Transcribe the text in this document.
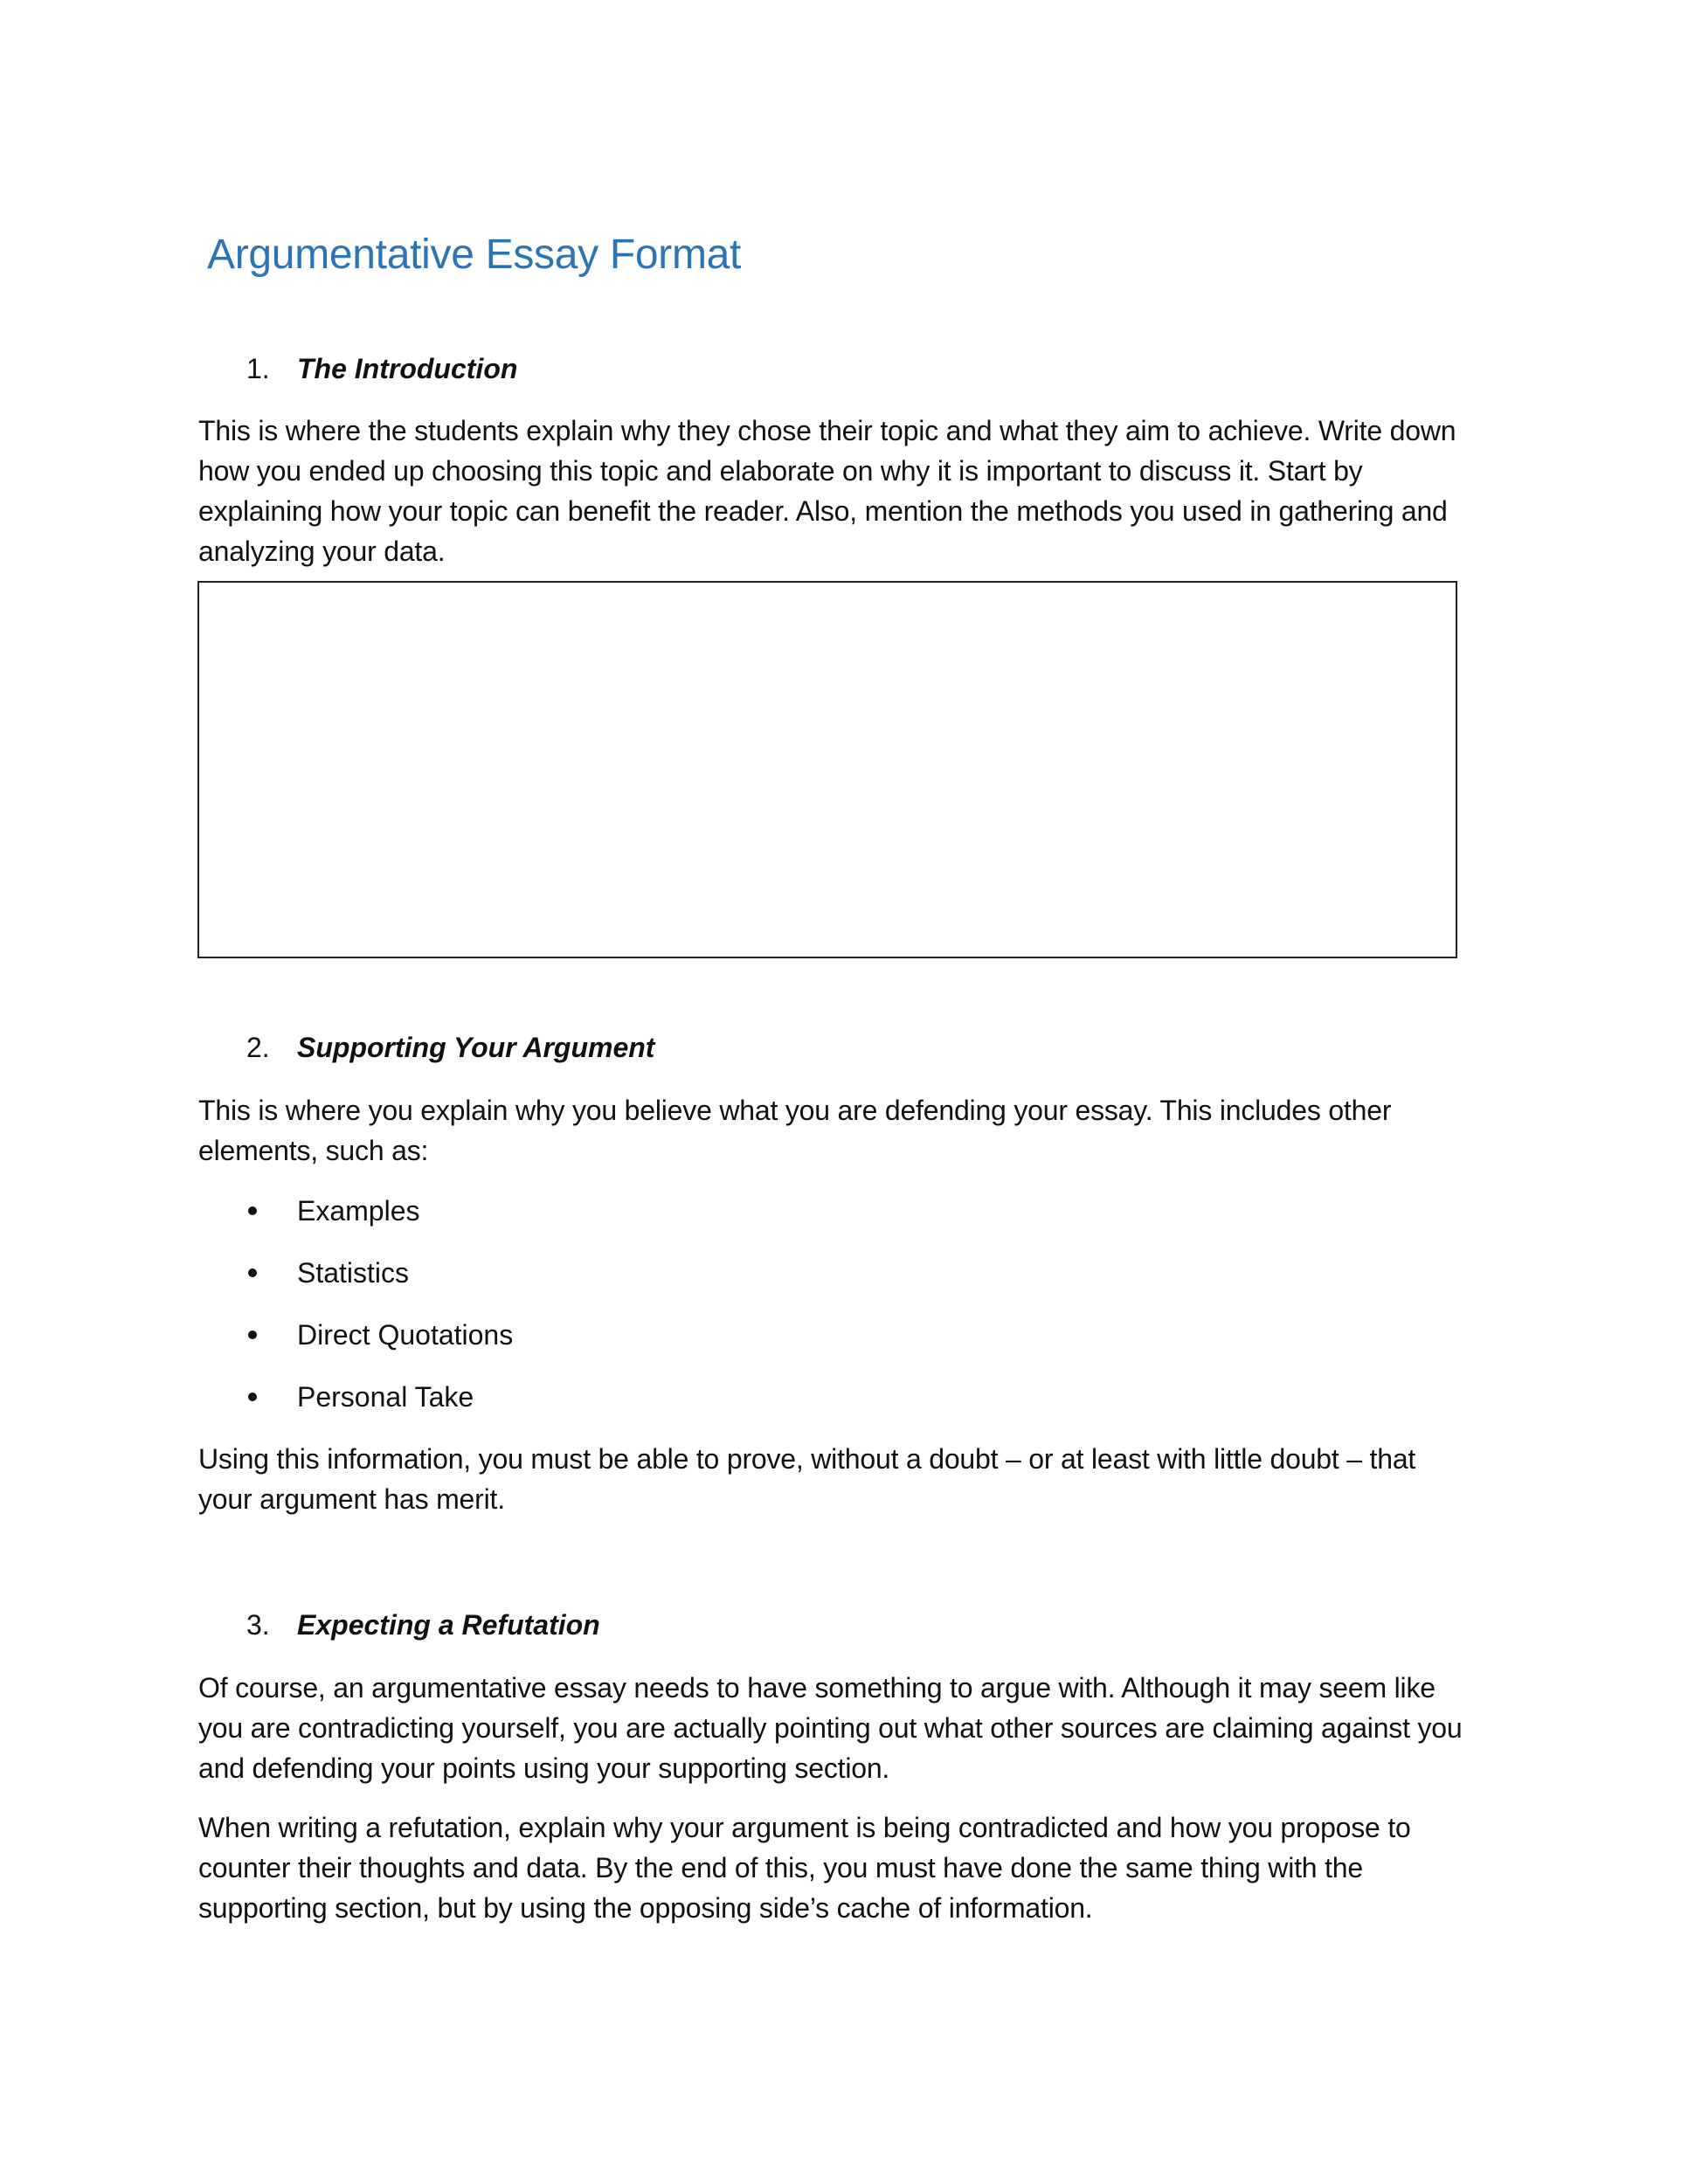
Argumentative Essay Format
1. The Introduction

This is where the students explain why they chose their topic and what they aim to achieve. Write down
how you ended up choosing this topic and elaborate on why it is important to discuss it. Start by
explaining how your topic can benefit the reader. Also, mention the methods you used in gathering and
analyzing your data.

2. Supporting Your Argument

This is where you explain why you believe what you are defending your essay. This includes other
elements, such as:

Examples
Statistics
Direct Quotations
Personal Take

Using this information, you must be able to prove, without a doubt – or at least with little doubt – that
your argument has merit.

3. Expecting a Refutation

Of course, an argumentative essay needs to have something to argue with. Although it may seem like
you are contradicting yourself, you are actually pointing out what other sources are claiming against you
and defending your points using your supporting section.

When writing a refutation, explain why your argument is being contradicted and how you propose to
counter their thoughts and data. By the end of this, you must have done the same thing with the
supporting section, but by using the opposing side’s cache of information.
